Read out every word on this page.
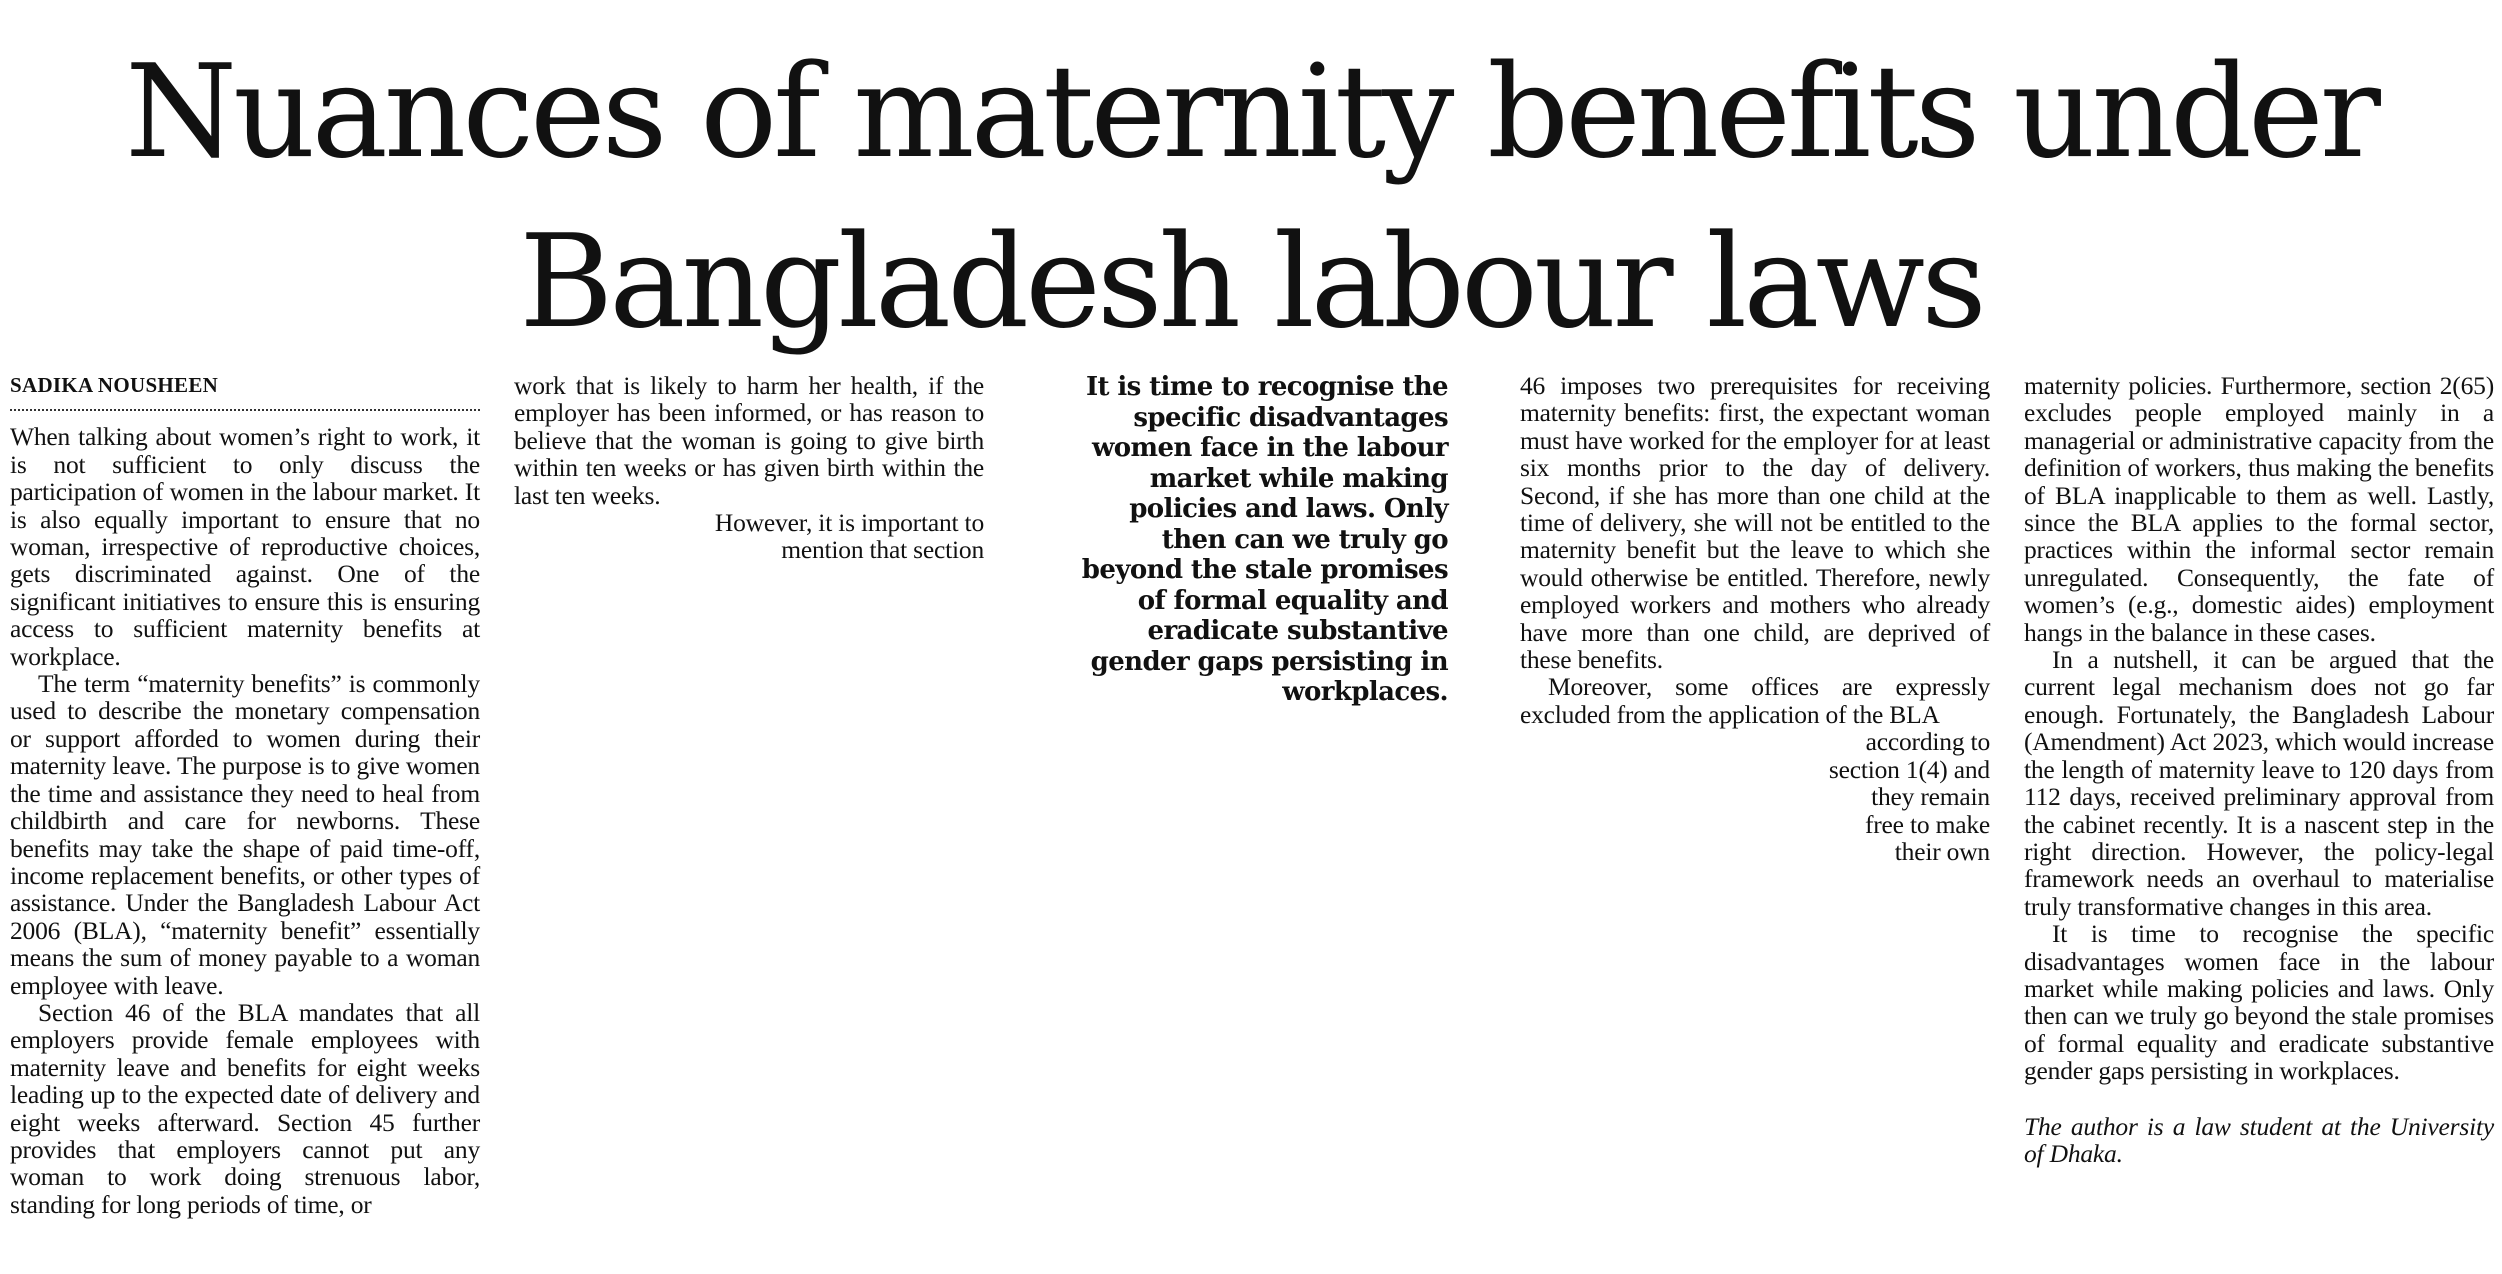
Nuances of maternity benefits under
Bangladesh labour laws
SADIKA NOUSHEEN

When talking about women’s right to work, it is not sufficient to only discuss the participation of women in the labour market. It is also equally important to ensure that no woman, irrespective of reproductive choices, gets discriminated against. One of the significant initiatives to ensure this is ensuring access to sufficient maternity benefits at workplace.

The term “maternity benefits” is commonly used to describe the monetary compensation or support afforded to women during their maternity leave. The purpose is to give women the time and assistance they need to heal from childbirth and care for newborns. These benefits may take the shape of paid time-off, income replacement benefits, or other types of assistance. Under the Bangladesh Labour Act 2006 (BLA), “maternity benefit” essentially means the sum of money payable to a woman employee with leave.

Section 46 of the BLA mandates that all employers provide female employees with maternity leave and benefits for eight weeks leading up to the expected date of delivery and eight weeks afterward. Section 45 further provides that employers cannot put any woman to work doing strenuous labor, standing for long periods of time, or

work that is likely to harm her health, if the employer has been informed, or has reason to believe that the woman is going to give birth within ten weeks or has given birth within the last ten weeks.

However, it is important to

mention that section

It is time to recognise the specific disadvantages women face in the labour market while making policies and laws. Only then can we truly go beyond the stale promises of formal equality and eradicate substantive gender gaps persisting in workplaces.

46 imposes two prerequisites for receiving maternity benefits: first, the expectant woman must have worked for the employer for at least six months prior to the day of delivery. Second, if she has more than one child at the time of delivery, she will not be entitled to the maternity benefit but the leave to which she would otherwise be entitled. Therefore, newly employed workers and mothers who already have more than one child, are deprived of these benefits.

Moreover, some offices are expressly excluded from the application of the BLA

according to

section 1(4) and

they remain

free to make

their own

maternity policies. Furthermore, section 2(65) excludes people employed mainly in a managerial or administrative capacity from the definition of workers, thus making the benefits of BLA inapplicable to them as well. Lastly, since the BLA applies to the formal sector, practices within the informal sector remain unregulated. Consequently, the fate of women’s (e.g., domestic aides) employment hangs in the balance in these cases.

In a nutshell, it can be argued that the current legal mechanism does not go far enough. Fortunately, the Bangladesh Labour (Amendment) Act 2023, which would increase the length of maternity leave to 120 days from 112 days, received preliminary approval from the cabinet recently. It is a nascent step in the right direction. However, the policy-legal framework needs an overhaul to materialise truly transformative changes in this area.

It is time to recognise the specific disadvantages women face in the labour market while making policies and laws. Only then can we truly go beyond the stale promises of formal equality and eradicate substantive gender gaps persisting in workplaces.

The author is a law student at the University of Dhaka.
